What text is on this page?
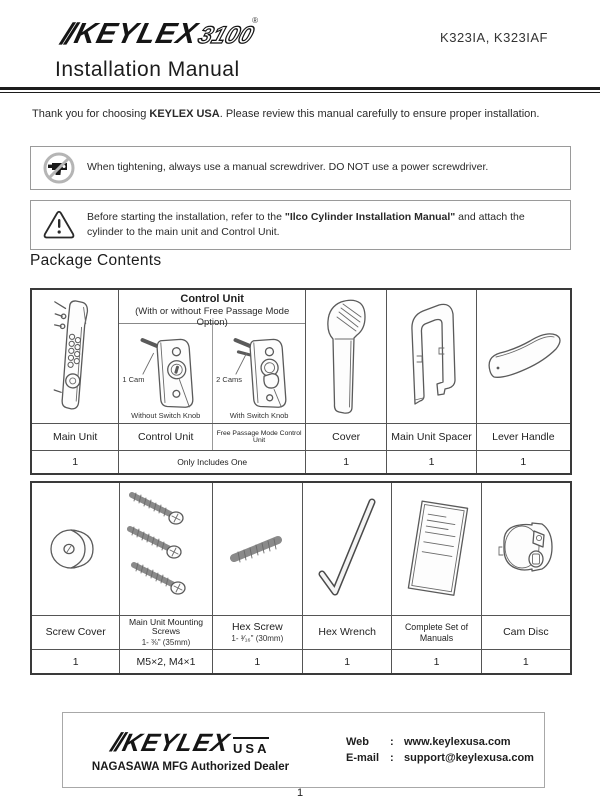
//
KEYLEX
3100
®
K323IA, K323IAF
Installation Manual

Thank you for choosing KEYLEX USA. Please review this manual carefully to ensure proper installation.

When tightening, always use a manual screwdriver. DO NOT use a power screwdriver.
Before starting the installation, refer to the "Ilco Cylinder Installation Manual" and attach the cylinder to the main unit and Control Unit.
Package Contents
Main Unit
1
Control Unit
(With or without Free Passage Mode Option)
1 Cam
Without Switch Knob
2 Cams
With Switch Knob
Control Unit	Free Passage Mode Control Unit
Only Includes One
Cover
1
Main Unit Spacer
1
Lever Handle
1
Screw Cover
1
Main Unit Mounting Screws
1- ⅜" (35mm)
M5×2, M4×1
Hex Screw
1- ³⁄₁₆" (30mm)
1
Hex Wrench
1
Complete Set of Manuals
1
Cam Disc
1
//
KEYLEX USA
NAGASAWA MFG Authorized Dealer
Web	: www.keylexusa.com
E-mail : support@keylexusa.com
1
